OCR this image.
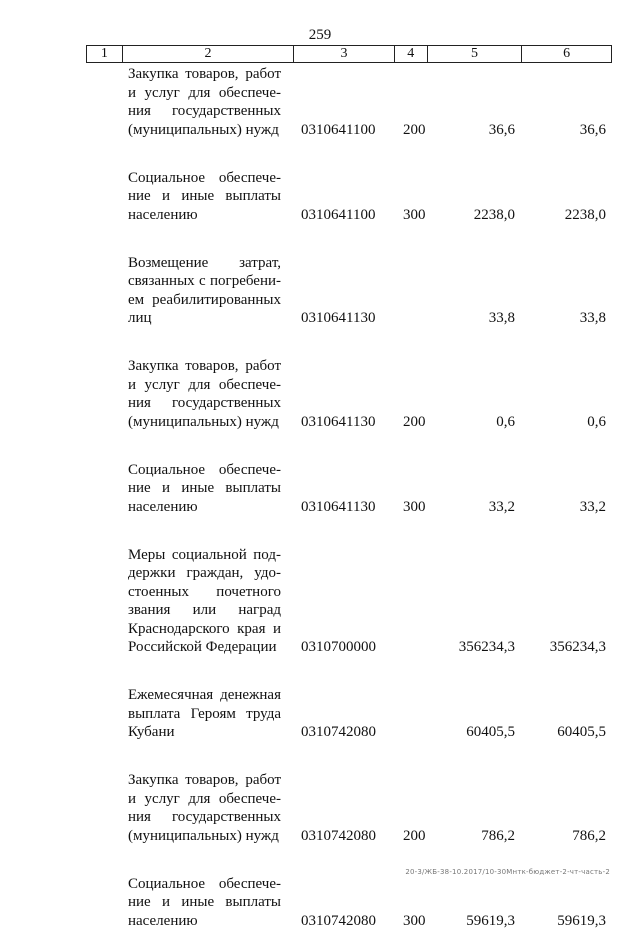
259
1	2	3	4	5	6
Закупка товаров, работ
и услуг для обеспече-
ния государственных
(муниципальных) нужд 0310641100 200	36,6	36,6
Социальное обеспече-
ние и иные выплаты
населению	0310641100 300	2238,0	2238,0
Возмещение затрат,
связанных с погребени-
ем реабилитированных
лиц	0310641130	33,8	33,8
Закупка товаров, работ
и услуг для обеспече-
ния государственных
(муниципальных) нужд 0310641130 200	0,6	0,6
Социальное обеспече-
ние и иные выплаты
населению	0310641130 300	33,2	33,2
Меры социальной под-
держки граждан, удо-
стоенных почетного
звания или наград
Краснодарского края и
Российской Федерации 0310700000	356234,3 356234,3
Ежемесячная денежная
выплата Героям труда
Кубани	0310742080	60405,5	60405,5
Закупка товаров, работ
и услуг для обеспече-
ния государственных
(муниципальных) нужд 0310742080 200	786,2	786,2
Социальное обеспече-
ние и иные выплаты
населению	0310742080 300	59619,3	59619,3
20-3/ЖБ-38-10.2017/10-30Мнтк-бюджет-2-чт-часть-2
